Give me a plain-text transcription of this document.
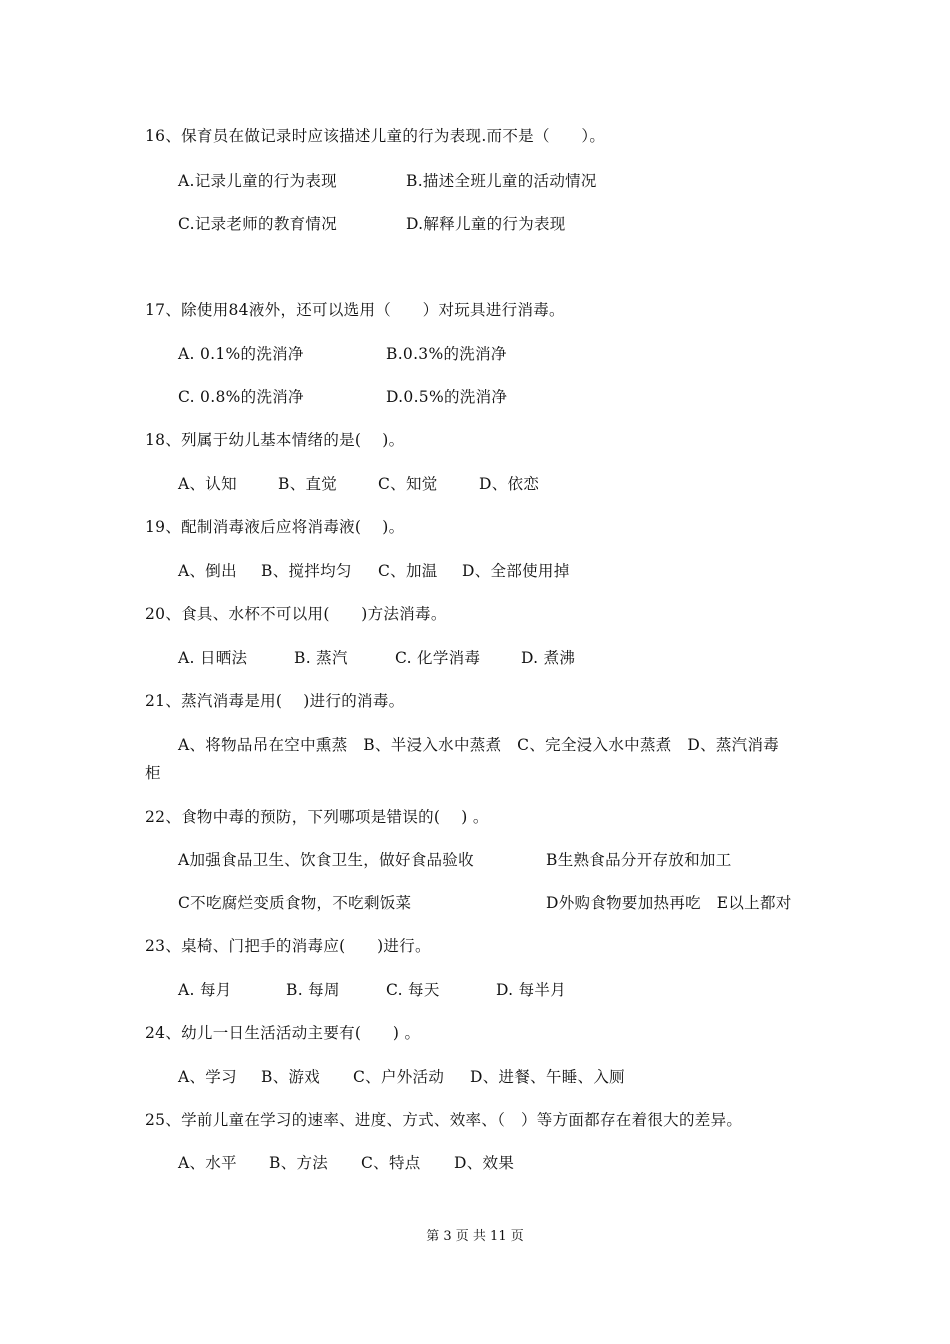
16、保育员在做记录时应该描述儿童的行为表现.而不是（　　）。
A.记录儿童的行为表现	B.描述全班儿童的活动情况
C.记录老师的教育情况	D.解释儿童的行为表现
17、除使用84液外，还可以选用（　　）对玩具进行消毒。
A. 0.1%的洗消净	B.0.3%的洗消净
C. 0.8%的洗消净	D.0.5%的洗消净
18、列属于幼儿基本情绪的是(　 )。
A、认知	B、直觉	C、知觉	D、依恋
19、配制消毒液后应将消毒液(　 )。
A、倒出 B、搅拌均匀 C、加温 D、全部使用掉
20、食具、水杯不可以用(　　)方法消毒。
A. 日晒法	B. 蒸汽	C. 化学消毒	D. 煮沸
21、蒸汽消毒是用(　 )进行的消毒。
A、将物品吊在空中熏蒸　B、半浸入水中蒸煮　C、完全浸入水中蒸煮　D、蒸汽消毒
柜
22、食物中毒的预防，下列哪项是错误的(　 ) 。
A加强食品卫生、饮食卫生，做好食品验收	B生熟食品分开存放和加工
C不吃腐烂变质食物，不吃剩饭菜	D外购食物要加热再吃　E以上都对
23、桌椅、门把手的消毒应(　　)进行。
A. 每月	B. 每周	C. 每天	D. 每半月
24、幼儿一日生活活动主要有(　　) 。
A、学习 B、游戏 C、户外活动 D、进餐、午睡、入厕
25、学前儿童在学习的速率、进度、方式、效率、（　）等方面都存在着很大的差异。
A、水平 B、方法 C、特点 D、效果
第 3 页 共 11 页
